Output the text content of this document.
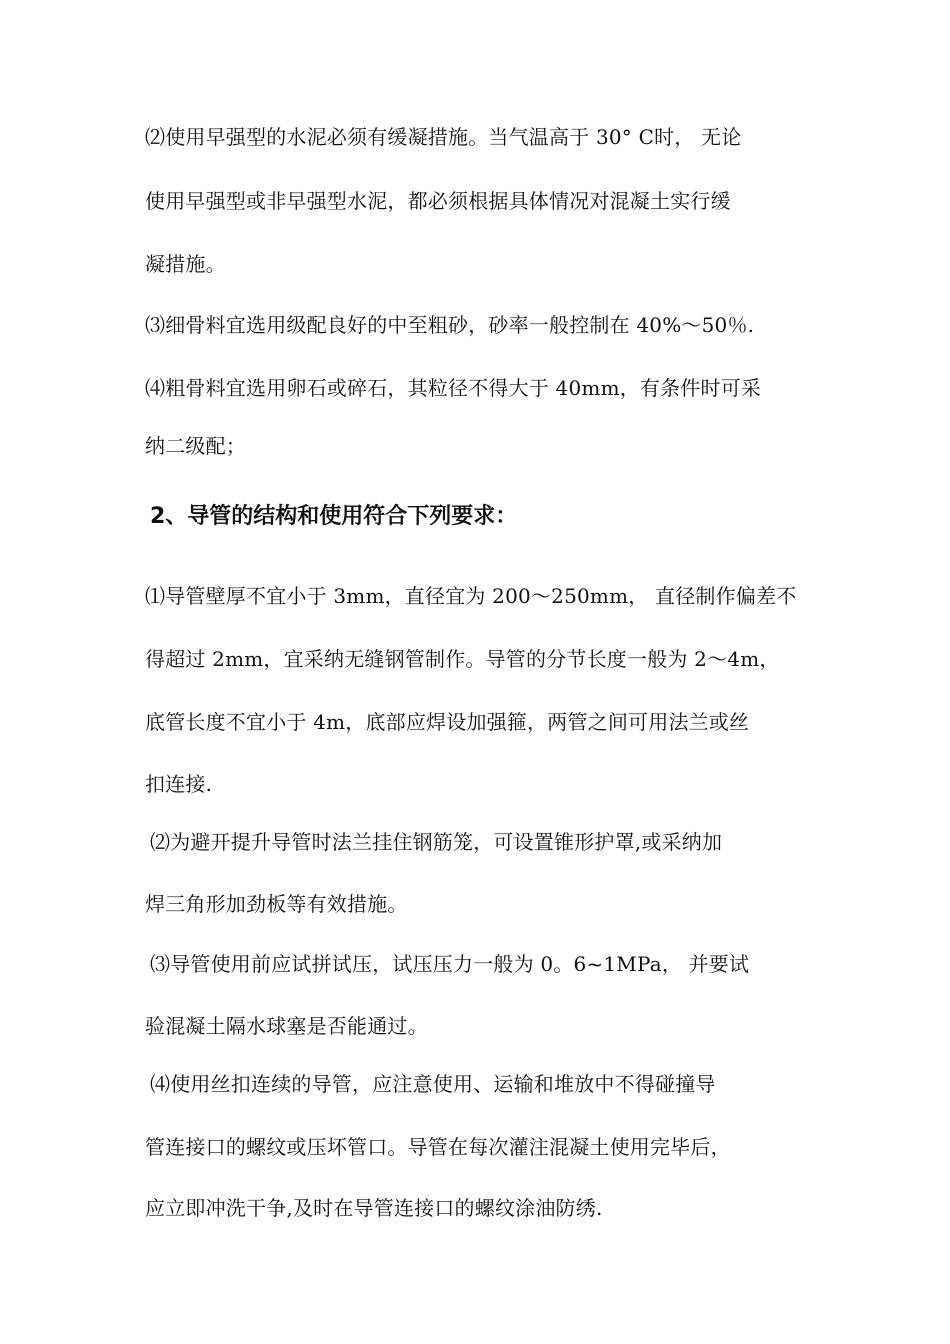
⑵使用早强型的水泥必须有缓凝措施。当气温高于 30° C时， 无论
使用早强型或非早强型水泥，都必须根据具体情况对混凝土实行缓
凝措施。
⑶细骨料宜选用级配良好的中至粗砂，砂率一般控制在 40%～50％.
⑷粗骨料宜选用卵石或碎石，其粒径不得大于 40mm，有条件时可采
纳二级配；
2、导管的结构和使用符合下列要求：
⑴导管壁厚不宜小于 3mm，直径宜为 200～250mm， 直径制作偏差不
得超过 2mm，宜采纳无缝钢管制作。导管的分节长度一般为 2～4m，
底管长度不宜小于 4m，底部应焊设加强箍，两管之间可用法兰或丝
扣连接.
⑵为避开提升导管时法兰挂住钢筋笼，可设置锥形护罩,或采纳加
焊三角形加劲板等有效措施。
⑶导管使用前应试拼试压，试压压力一般为 0。6~1MPa， 并要试
验混凝土隔水球塞是否能通过。
⑷使用丝扣连续的导管，应注意使用、运输和堆放中不得碰撞导
管连接口的螺纹或压坏管口。导管在每次灌注混凝土使用完毕后，
应立即冲洗干争,及时在导管连接口的螺纹涂油防绣.
